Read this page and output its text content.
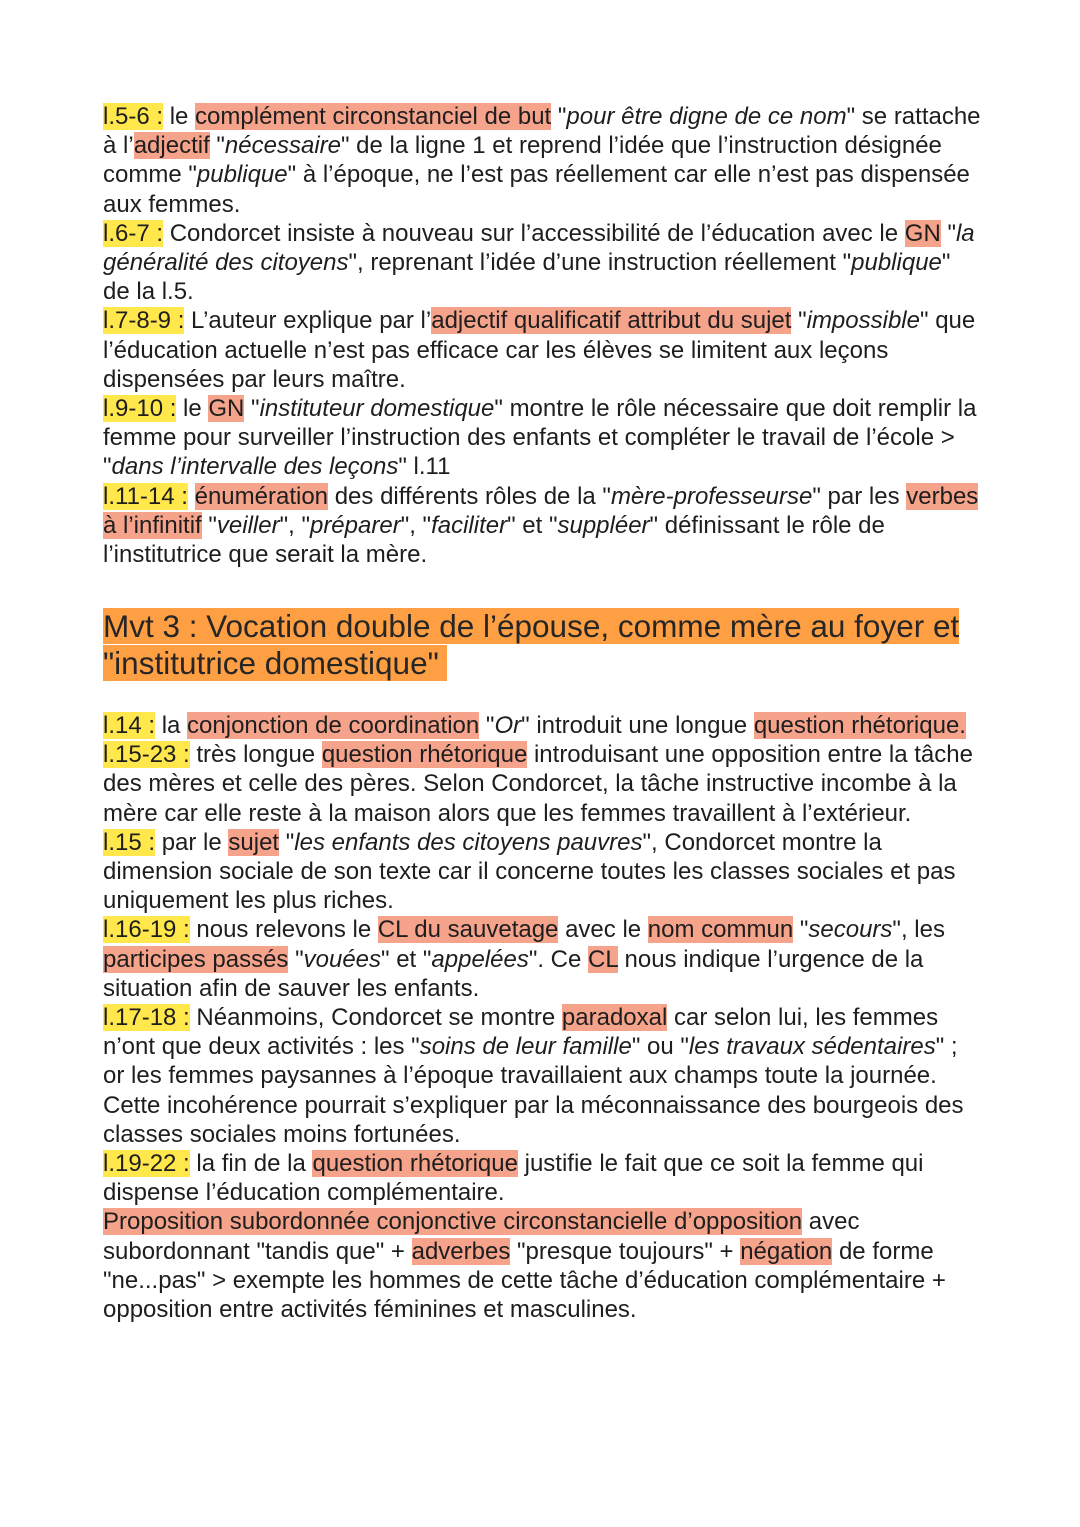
l.5-6 : le complément circonstanciel de but "pour être digne de ce nom" se rattache à l’adjectif "nécessaire" de la ligne 1 et reprend l’idée que l’instruction désignée comme "publique" à l’époque, ne l’est pas réellement car elle n’est pas dispensée aux femmes.

l.6-7 : Condorcet insiste à nouveau sur l’accessibilité de l’éducation avec le GN "la généralité des citoyens", reprenant l’idée d’une instruction réellement "publique" de la l.5.

l.7-8-9 : L’auteur explique par l’adjectif qualificatif attribut du sujet "impossible" que l’éducation actuelle n’est pas efficace car les élèves se limitent aux leçons dispensées par leurs maître.

l.9-10 : le GN "instituteur domestique" montre le rôle nécessaire que doit remplir la femme pour surveiller l’instruction des enfants et compléter le travail de l’école > "dans l’intervalle des leçons" l.11

l.11-14 : énumération des différents rôles de la "mère-professeurse" par les verbes à l’infinitif "veiller", "préparer", "faciliter" et "suppléer" définissant le rôle de l’institutrice que serait la mère.

Mvt 3 : Vocation double de l’épouse, comme mère au foyer et "institutrice domestique"

l.14 : la conjonction de coordination "Or" introduit une longue question rhétorique.

l.15-23 : très longue question rhétorique introduisant une opposition entre la tâche des mères et celle des pères. Selon Condorcet, la tâche instructive incombe à la mère car elle reste à la maison alors que les femmes travaillent à l’extérieur.

l.15 : par le sujet "les enfants des citoyens pauvres", Condorcet montre la dimension sociale de son texte car il concerne toutes les classes sociales et pas uniquement les plus riches.

l.16-19 : nous relevons le CL du sauvetage avec le nom commun "secours", les participes passés "vouées" et "appelées". Ce CL nous indique l’urgence de la situation afin de sauver les enfants.

l.17-18 : Néanmoins, Condorcet se montre paradoxal car selon lui, les femmes n’ont que deux activités : les "soins de leur famille" ou "les travaux sédentaires" ; or les femmes paysannes à l’époque travaillaient aux champs toute la journée. Cette incohérence pourrait s’expliquer par la méconnaissance des bourgeois des classes sociales moins fortunées.

l.19-22 : la fin de la question rhétorique justifie le fait que ce soit la femme qui dispense l’éducation complémentaire.

Proposition subordonnée conjonctive circonstancielle d’opposition avec subordonnant "tandis que" + adverbes "presque toujours" + négation de forme "ne...pas" > exempte les hommes de cette tâche d’éducation complémentaire + opposition entre activités féminines et masculines.
